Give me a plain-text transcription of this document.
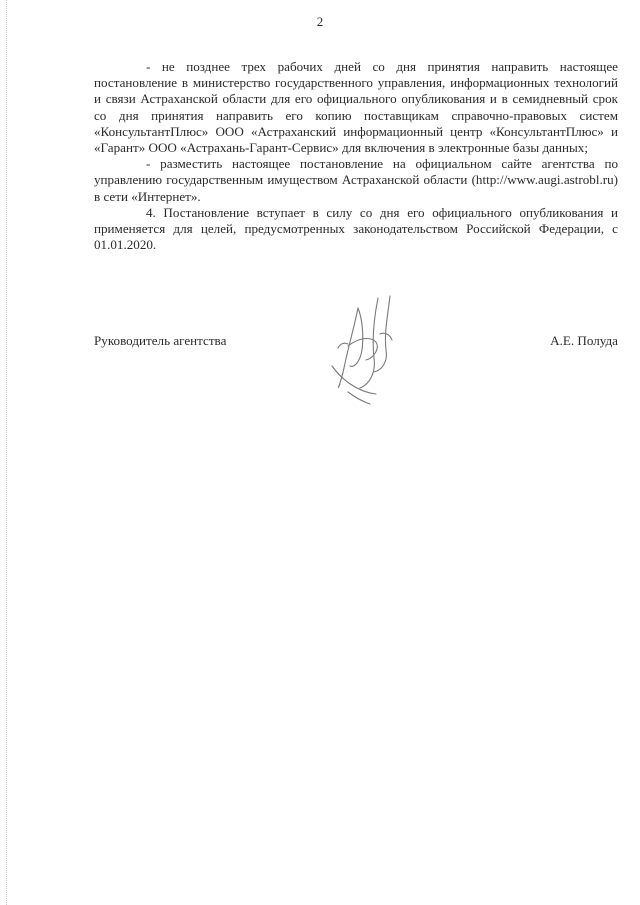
2

- не позднее трех рабочих дней со дня принятия направить настоящее постановление в министерство государственного управления, информационных технологий и связи Астраханской области для его официального опубликования и в семидневный срок со дня принятия направить его копию поставщикам справочно-правовых систем «КонсультантПлюс» ООО «Астраханский информационный центр «КонсультантПлюс» и «Гарант» ООО «Астрахань-Гарант-Сервис» для включения в электронные базы данных;

- разместить настоящее постановление на официальном сайте агентства по управлению государственным имуществом Астраханской области (http://www.augi.astrobl.ru) в сети «Интернет».

4. Постановление вступает в силу со дня его официального опубликования и применяется для целей, предусмотренных законодательством Российской Федерации, с 01.01.2020.

Руководитель агентства	А.Е. Полуда
